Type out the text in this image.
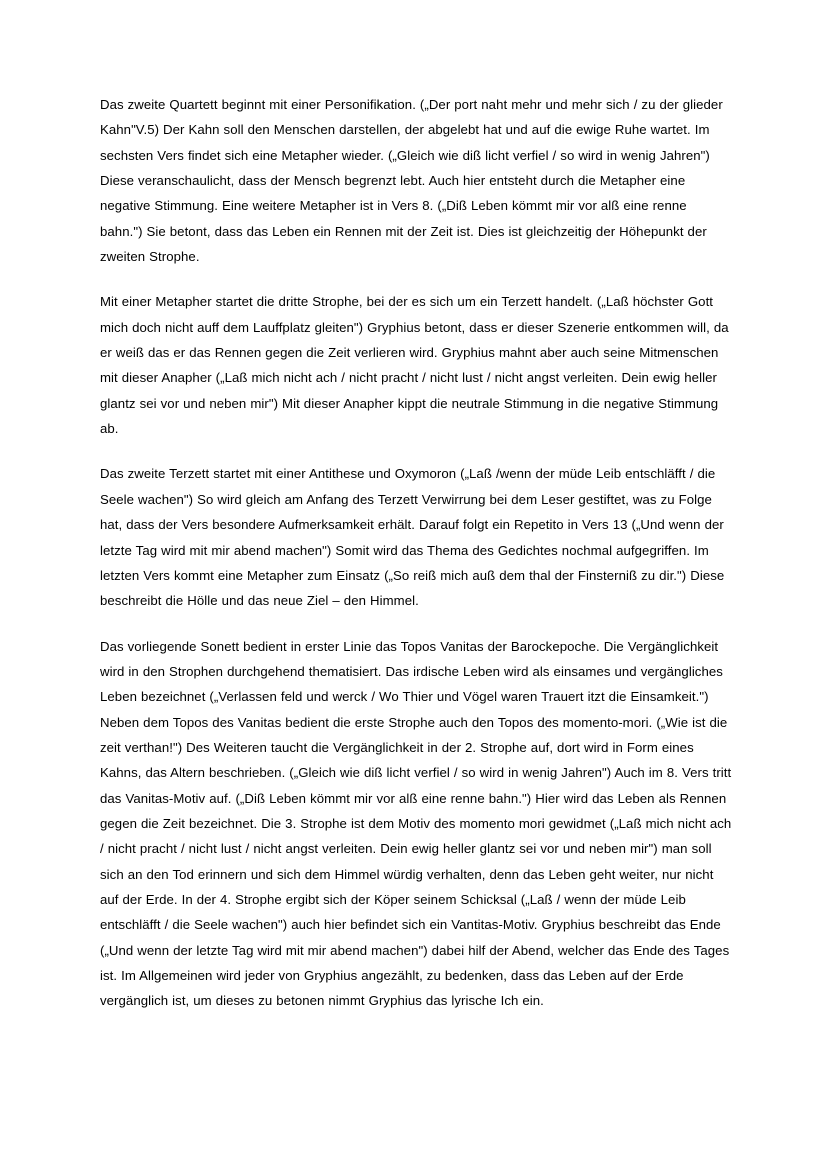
Das zweite Quartett beginnt mit einer Personifikation. („Der port naht mehr und mehr sich / zu der glieder Kahn"V.5) Der Kahn soll den Menschen darstellen, der abgelebt hat und auf die ewige Ruhe wartet. Im sechsten Vers findet sich eine Metapher wieder. („Gleich wie diß licht verfiel / so wird in wenig Jahren") Diese veranschaulicht, dass der Mensch begrenzt lebt. Auch hier entsteht durch die Metapher eine negative Stimmung. Eine weitere Metapher ist in Vers 8. („Diß Leben kömmt mir vor alß eine renne bahn.") Sie betont, dass das Leben ein Rennen mit der Zeit ist. Dies ist gleichzeitig der Höhepunkt der zweiten Strophe.

Mit einer Metapher startet die dritte Strophe, bei der es sich um ein Terzett handelt. („Laß höchster Gott mich doch nicht auff dem Lauffplatz gleiten") Gryphius betont, dass er dieser Szenerie entkommen will, da er weiß das er das Rennen gegen die Zeit verlieren wird. Gryphius mahnt aber auch seine Mitmenschen mit dieser Anapher („Laß mich nicht ach / nicht pracht / nicht lust / nicht angst verleiten. Dein ewig heller glantz sei vor und neben mir") Mit dieser Anapher kippt die neutrale Stimmung in die negative Stimmung ab.

Das zweite Terzett startet mit einer Antithese und Oxymoron („Laß /wenn der müde Leib entschläfft / die Seele wachen") So wird gleich am Anfang des Terzett Verwirrung bei dem Leser gestiftet, was zu Folge hat, dass der Vers besondere Aufmerksamkeit erhält. Darauf folgt ein Repetito in Vers 13 („Und wenn der letzte Tag wird mit mir abend machen") Somit wird das Thema des Gedichtes nochmal aufgegriffen. Im letzten Vers kommt eine Metapher zum Einsatz („So reiß mich auß dem thal der Finsterniß zu dir.") Diese beschreibt die Hölle und das neue Ziel – den Himmel.

Das vorliegende Sonett bedient in erster Linie das Topos Vanitas der Barockepoche. Die Vergänglichkeit wird in den Strophen durchgehend thematisiert. Das irdische Leben wird als einsames und vergängliches Leben bezeichnet („Verlassen feld und werck / Wo Thier und Vögel waren Trauert itzt die Einsamkeit.") Neben dem Topos des Vanitas bedient die erste Strophe auch den Topos des momento-mori. („Wie ist die zeit verthan!") Des Weiteren taucht die Vergänglichkeit in der 2. Strophe auf, dort wird in Form eines Kahns, das Altern beschrieben. („Gleich wie diß licht verfiel / so wird in wenig Jahren") Auch im 8. Vers tritt das Vanitas-Motiv auf. („Diß Leben kömmt mir vor alß eine renne bahn.") Hier wird das Leben als Rennen gegen die Zeit bezeichnet. Die 3. Strophe ist dem Motiv des momento mori gewidmet („Laß mich nicht ach / nicht pracht / nicht lust / nicht angst verleiten. Dein ewig heller glantz sei vor und neben mir") man soll sich an den Tod erinnern und sich dem Himmel würdig verhalten, denn das Leben geht weiter, nur nicht auf der Erde. In der 4. Strophe ergibt sich der Köper seinem Schicksal („Laß / wenn der müde Leib entschläfft / die Seele wachen") auch hier befindet sich ein Vantitas-Motiv. Gryphius beschreibt das Ende („Und wenn der letzte Tag wird mit mir abend machen") dabei hilf der Abend, welcher das Ende des Tages ist. Im Allgemeinen wird jeder von Gryphius angezählt, zu bedenken, dass das Leben auf der Erde vergänglich ist, um dieses zu betonen nimmt Gryphius das lyrische Ich ein.
